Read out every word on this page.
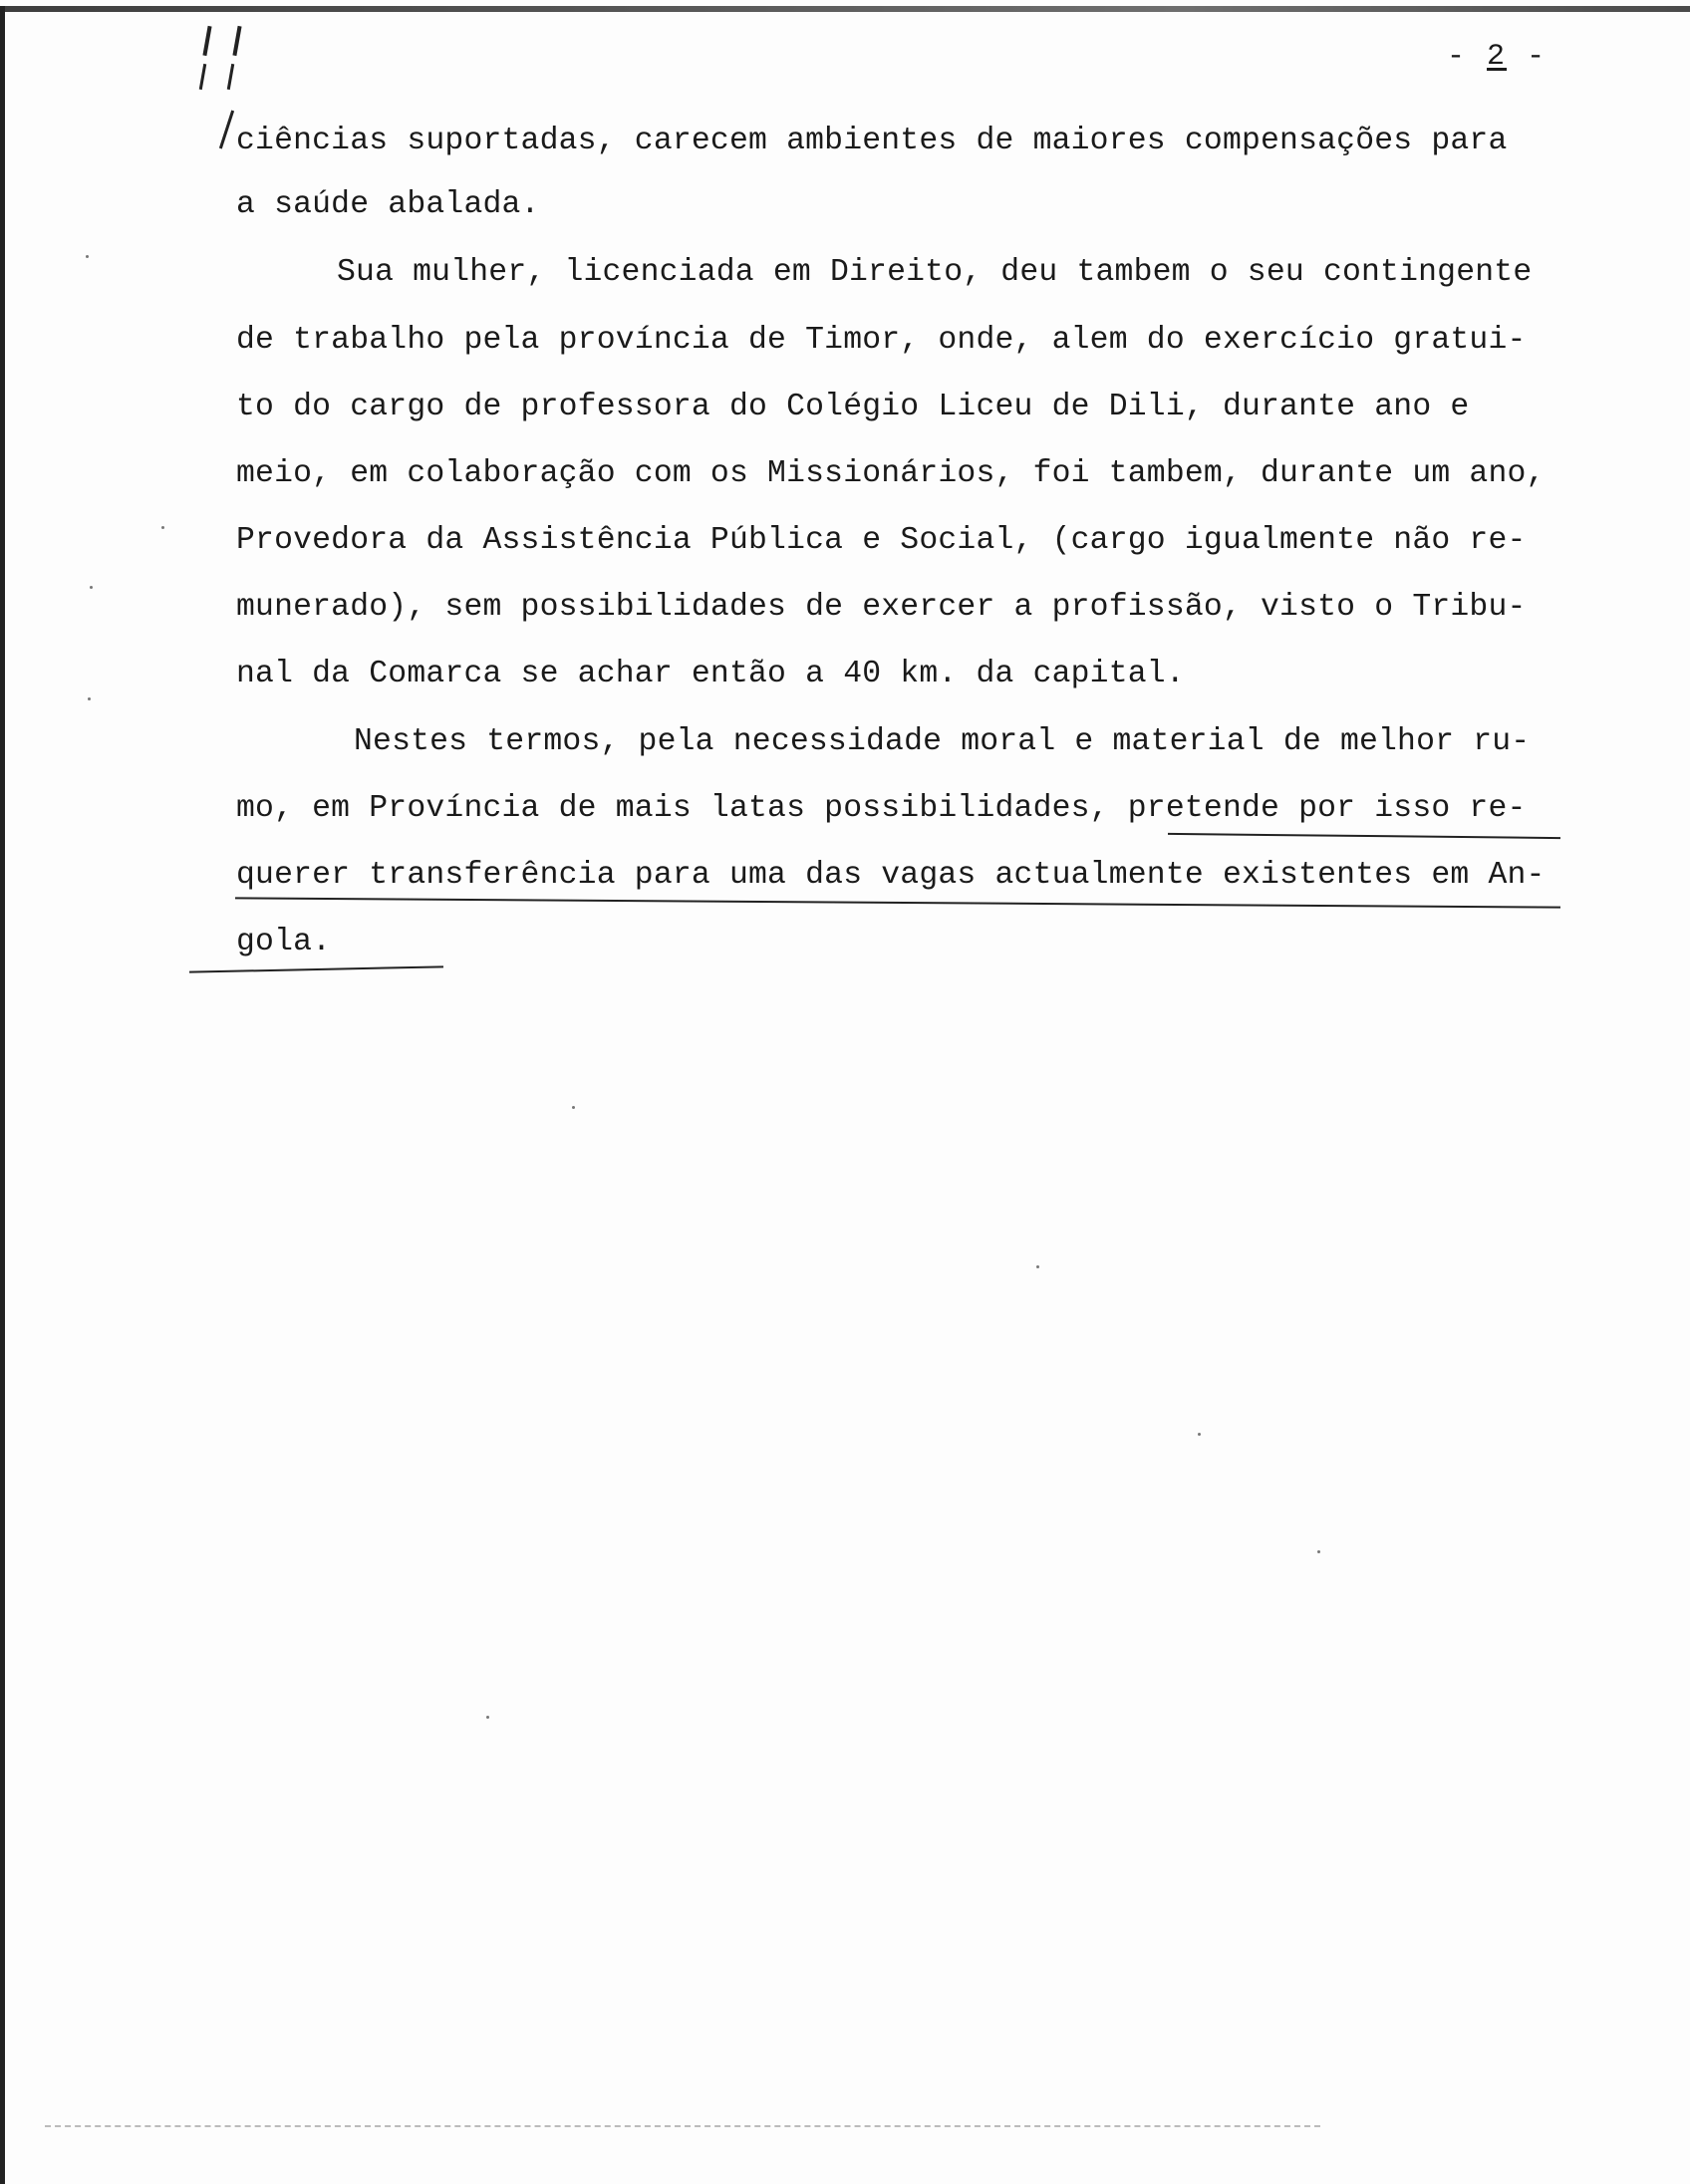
- 2 -
ciências suportadas, carecem ambientes de maiores compensações para
a saúde abalada.
Sua mulher, licenciada em Direito, deu tambem o seu contingente
de trabalho pela província de Timor, onde, alem do exercício gratui-
to do cargo de professora do Colégio Liceu de Dili, durante ano e
meio, em colaboração com os Missionários, foi tambem, durante um ano,
Provedora da Assistência Pública e Social, (cargo igualmente não re-
munerado), sem possibilidades de exercer a profissão, visto o Tribu-
nal da Comarca se achar então a 40 km. da capital.
Nestes termos, pela necessidade moral e material de melhor ru-
mo, em Província de mais latas possibilidades, pretende por isso re-
querer transferência para uma das vagas actualmente existentes em An-
gola.
